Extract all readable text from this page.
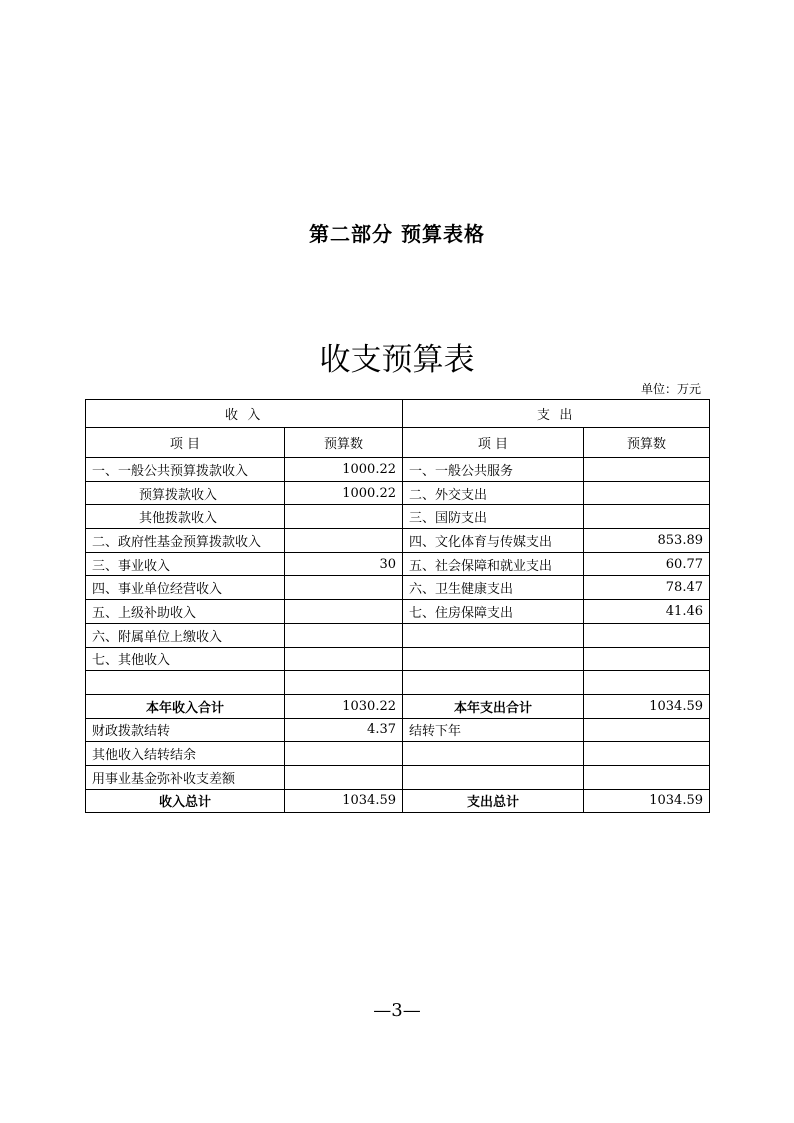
第二部分 预算表格
收支预算表
单位：万元
收 入		支 出	
项 目	预算数	项 目	预算数
一、一般公共预算拨款收入	1000.22	一、一般公共服务	
预算拨款收入	1000.22	二、外交支出	
其他拨款收入		三、国防支出	
二、政府性基金预算拨款收入		四、文化体育与传媒支出	853.89
三、事业收入	30	五、社会保障和就业支出	60.77
四、事业单位经营收入		六、卫生健康支出	78.47
五、上级补助收入		七、住房保障支出	41.46
六、附属单位上缴收入			
七、其他收入			

本年收入合计	1030.22	本年支出合计	1034.59
财政拨款结转	4.37	结转下年	
其他收入结转结余			
用事业基金弥补收支差额			
收入总计	1034.59	支出总计	1034.59
—3—
